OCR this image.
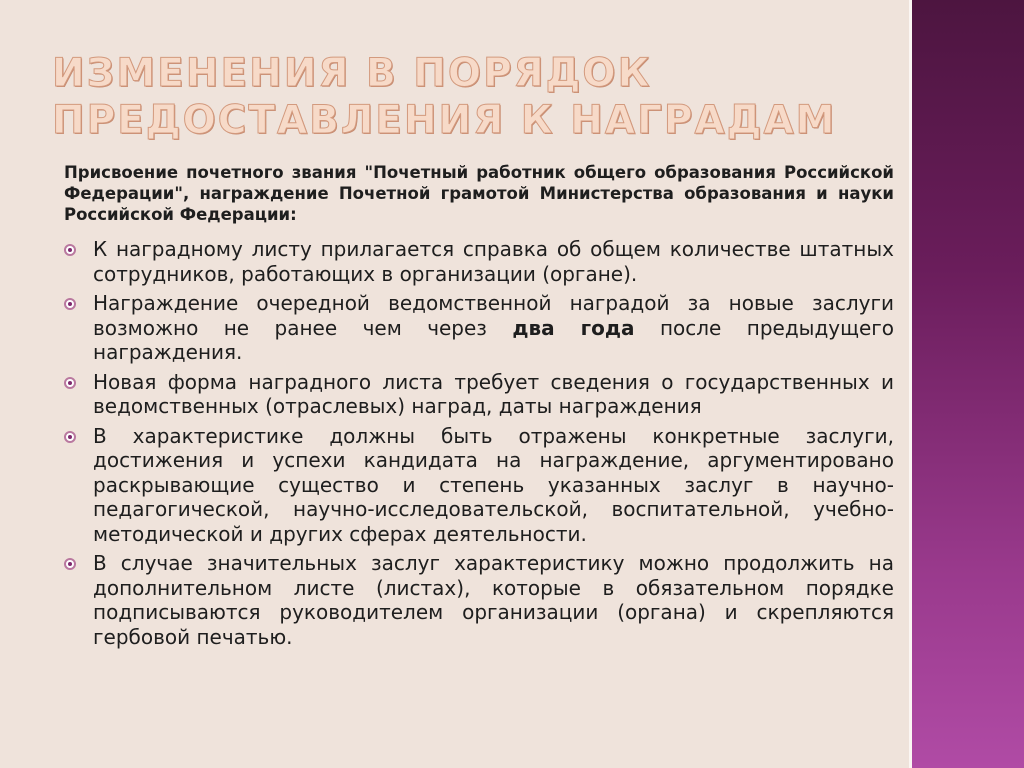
ИЗМЕНЕНИЯ В ПОРЯДОК
ПРЕДОСТАВЛЕНИЯ К НАГРАДАМ

Присвоение почетного звания "Почетный работник общего образования Российской Федерации", награждение Почетной грамотой Министерства образования и науки Российской Федерации:

К наградному листу прилагается справка об общем количестве штатных сотрудников, работающих в организации (органе).
Награждение очередной ведомственной наградой за новые заслуги возможно не ранее чем через два года после предыдущего награждения.
Новая форма наградного листа требует сведения о государственных и ведомственных (отраслевых) наград, даты награждения
В характеристике должны быть отражены конкретные заслуги, достижения и успехи кандидата на награждение, аргументировано раскрывающие существо и степень указанных заслуг в научно-педагогической, научно-исследовательской, воспитательной, учебно-методической и других сферах деятельности.
В случае значительных заслуг характеристику можно продолжить на дополнительном листе (листах), которые в обязательном порядке подписываются руководителем организации (органа) и скрепляются гербовой печатью.
